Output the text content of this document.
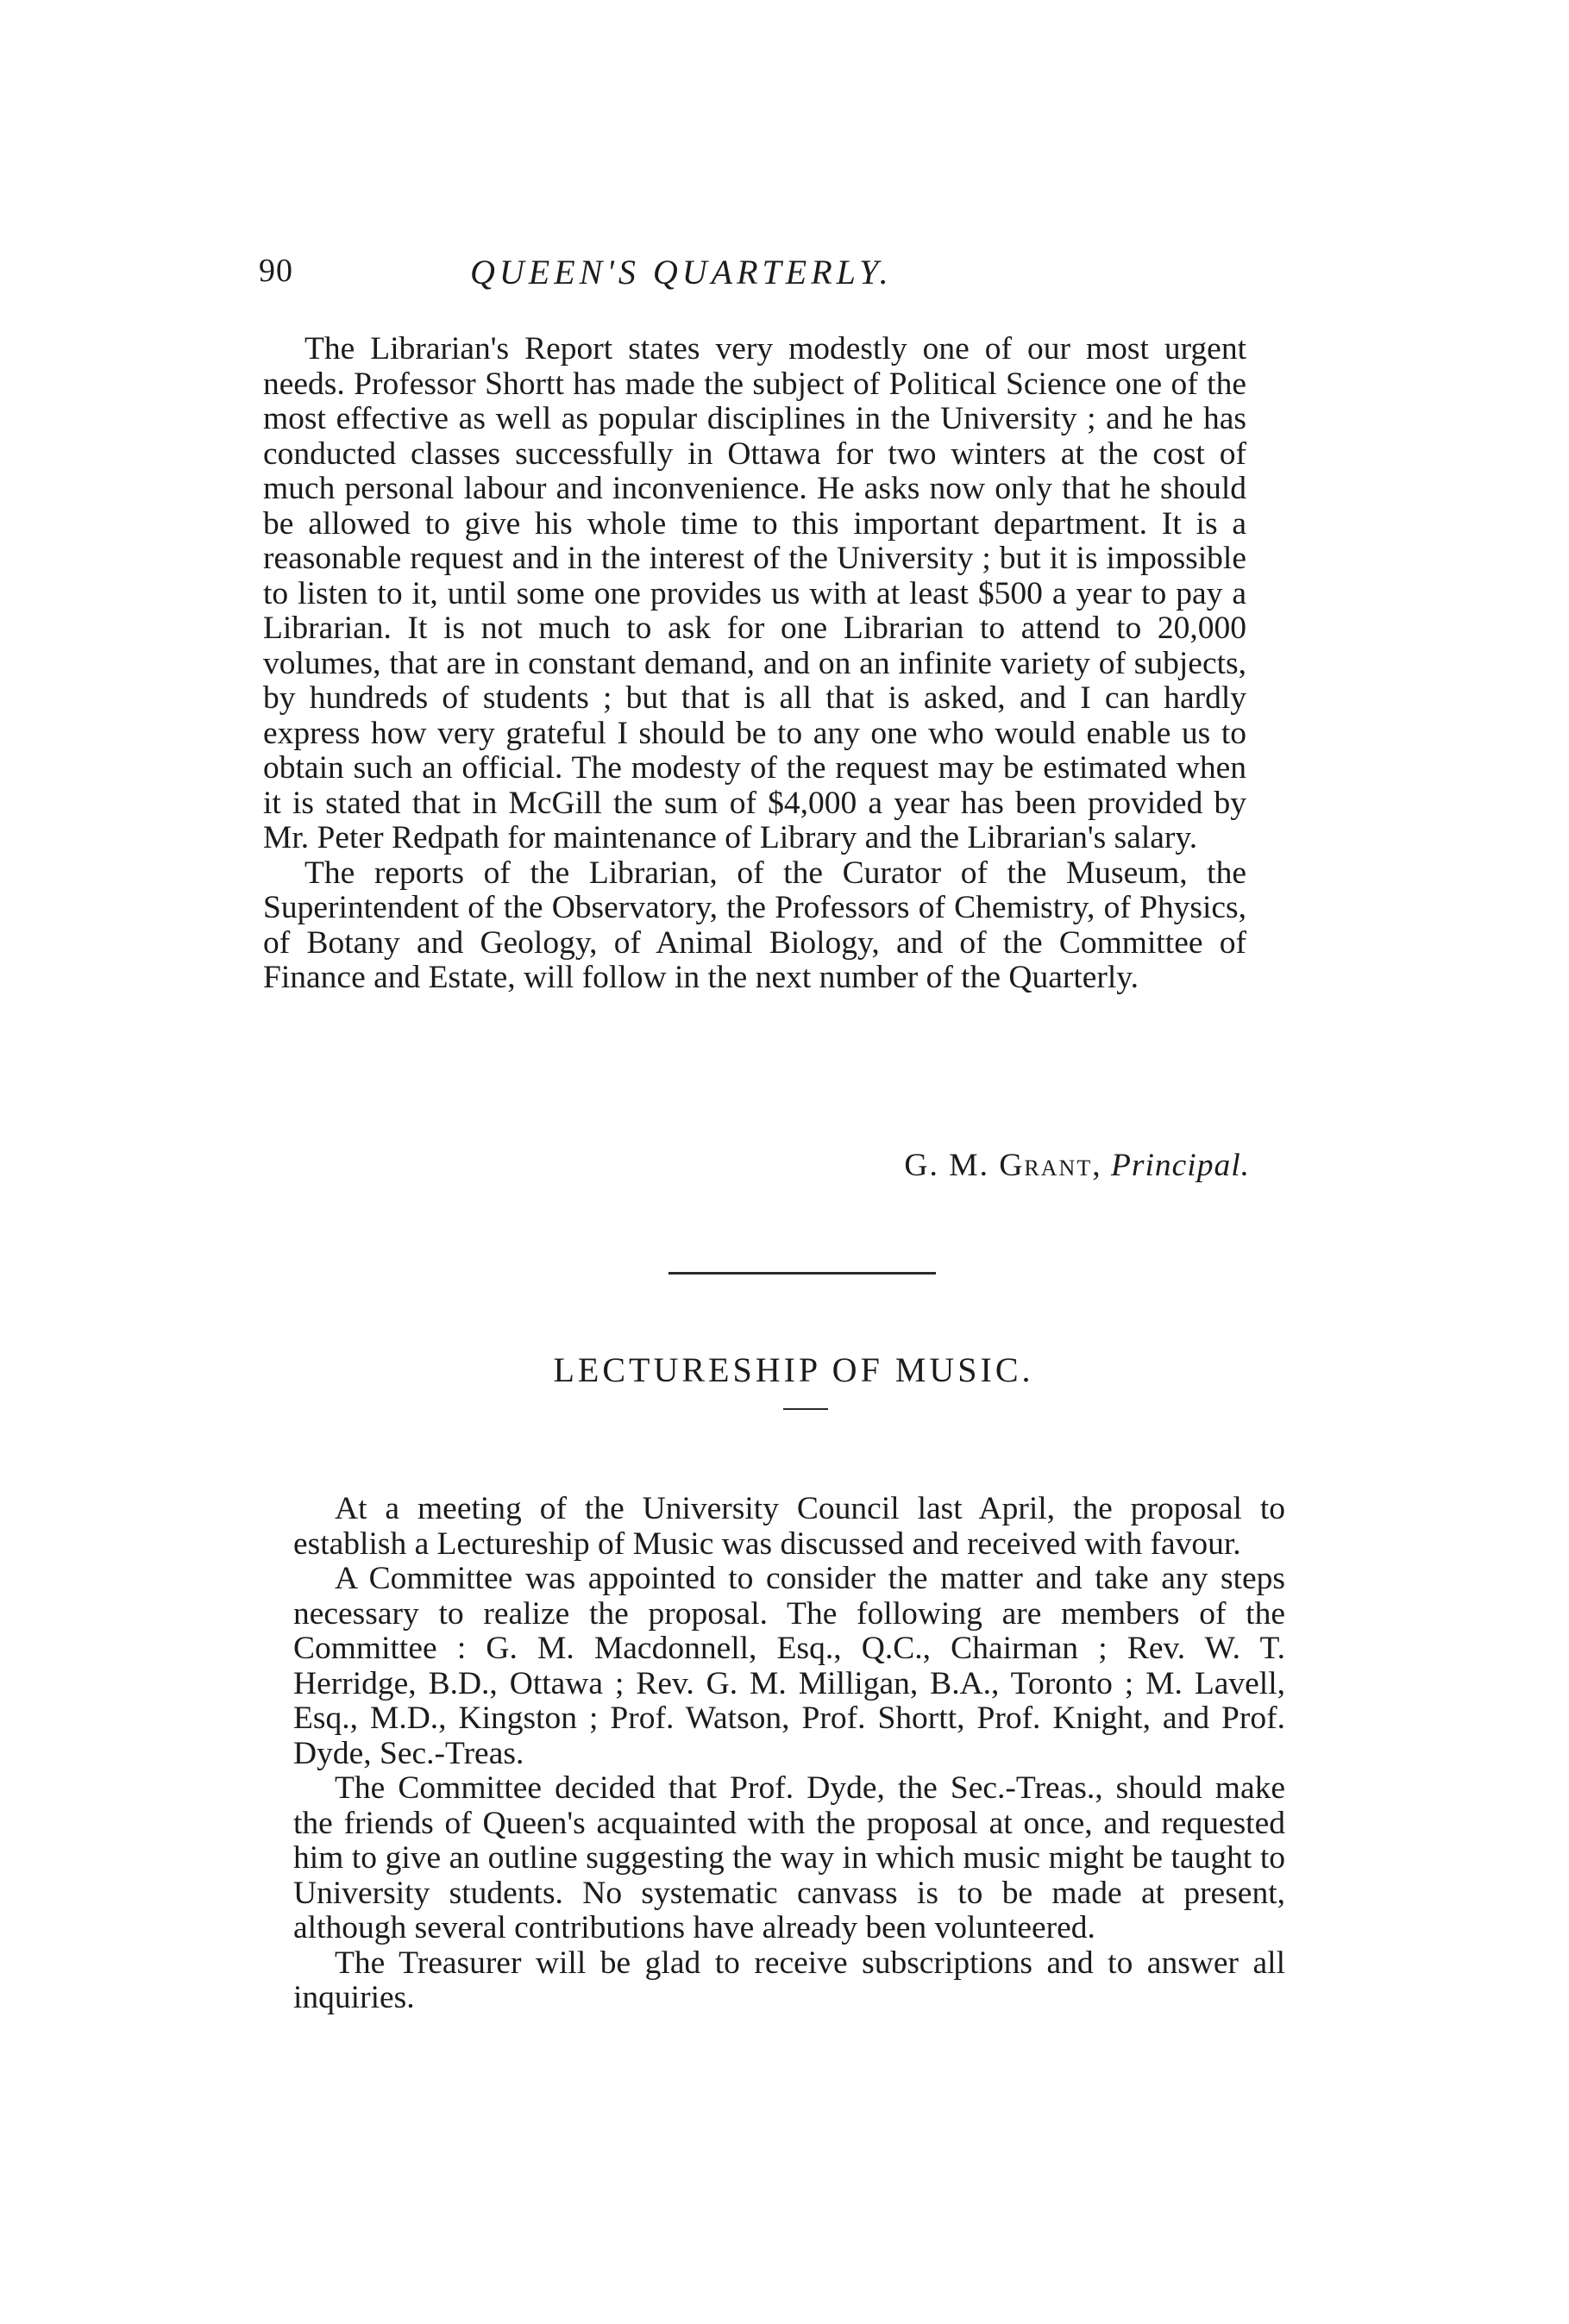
90	QUEEN'S QUARTERLY.

The Librarian's Report states very modestly one of our most urgent needs. Professor Shortt has made the subject of Political Science one of the most effective as well as popular disciplines in the University ; and he has conducted classes successfully in Ottawa for two winters at the cost of much personal labour and inconvenience. He asks now only that he should be allowed to give his whole time to this important department. It is a reasonable request and in the interest of the University ; but it is impossible to listen to it, until some one provides us with at least $500 a year to pay a Librarian. It is not much to ask for one Librarian to attend to 20,000 volumes, that are in constant demand, and on an infinite variety of subjects, by hundreds of students ; but that is all that is asked, and I can hardly express how very grateful I should be to any one who would enable us to obtain such an official. The modesty of the request may be estimated when it is stated that in McGill the sum of $4,000 a year has been provided by Mr. Peter Redpath for maintenance of Library and the Librarian's salary.

The reports of the Librarian, of the Curator of the Museum, the Superintendent of the Observatory, the Professors of Chemistry, of Physics, of Botany and Geology, of Animal Biology, and of the Committee of Finance and Estate, will follow in the next number of the Quarterly.

G. M. Grant, Principal.
LECTURESHIP OF MUSIC.

At a meeting of the University Council last April, the proposal to establish a Lectureship of Music was discussed and received with favour.

A Committee was appointed to consider the matter and take any steps necessary to realize the proposal. The following are members of the Committee : G. M. Macdonnell, Esq., Q.C., Chairman ; Rev. W. T. Herridge, B.D., Ottawa ; Rev. G. M. Milligan, B.A., Toronto ; M. Lavell, Esq., M.D., Kingston ; Prof. Watson, Prof. Shortt, Prof. Knight, and Prof. Dyde, Sec.-Treas.

The Committee decided that Prof. Dyde, the Sec.-Treas., should make the friends of Queen's acquainted with the proposal at once, and requested him to give an outline suggesting the way in which music might be taught to University students. No systematic canvass is to be made at present, although several contributions have already been volunteered.

The Treasurer will be glad to receive subscriptions and to answer all inquiries.
